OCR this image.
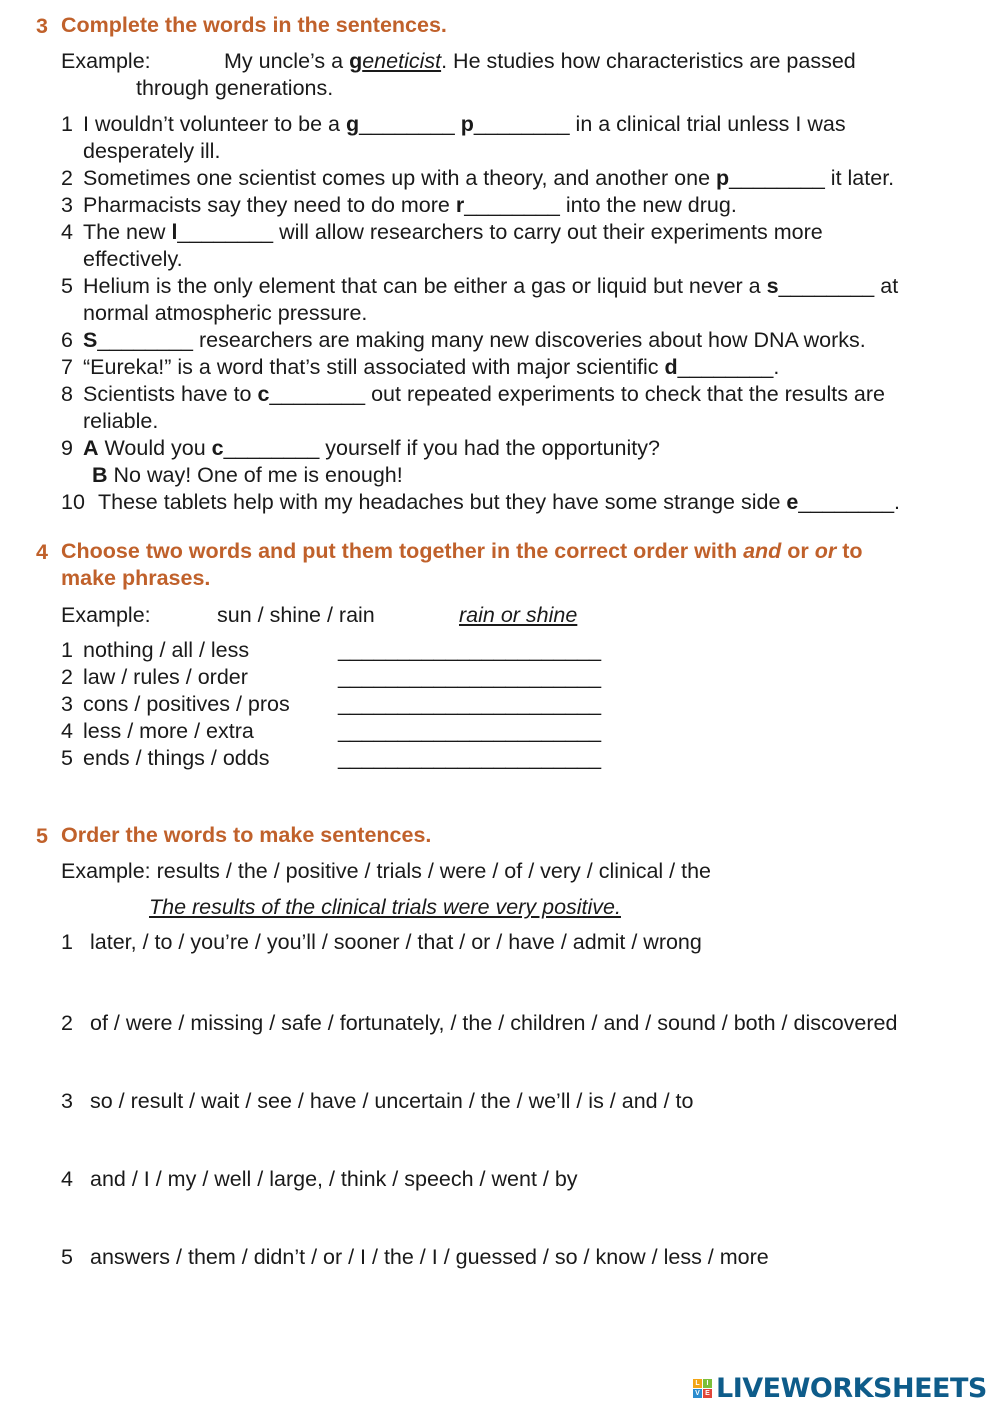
3 Complete the words in the sentences.
Example:	My uncle’s a geneticist. He studies how characteristics are passed
through generations.
1 I wouldn’t volunteer to be a g________ p________ in a clinical trial unless I was
desperately ill.
2 Sometimes one scientist comes up with a theory, and another one p________ it later.
3 Pharmacists say they need to do more r________ into the new drug.
4 The new l________ will allow researchers to carry out their experiments more
effectively.
5 Helium is the only element that can be either a gas or liquid but never a s________ at
normal atmospheric pressure.
6 S________ researchers are making many new discoveries about how DNA works.
7 “Eureka!” is a word that’s still associated with major scientific d________.
8 Scientists have to c________ out repeated experiments to check that the results are
reliable.
9 A Would you c________ yourself if you had the opportunity?
B No way! One of me is enough!
10 These tablets help with my headaches but they have some strange side e________.
4 Choose two words and put them together in the correct order with and or or to
make phrases.
Example:	sun / shine / rain	rain or shine
1 nothing / all / less	______________________
2 law / rules / order	______________________
3 cons / positives / pros ______________________
4 less / more / extra	______________________
5 ends / things / odds	______________________
5 Order the words to make sentences.
Example: results / the / positive / trials / were / of / very / clinical / the
The results of the clinical trials were very positive.
1 later, / to / you’re / you’ll / sooner / that / or / have / admit / wrong
2 of / were / missing / safe / fortunately, / the / children / and / sound / both / discovered
3 so / result / wait / see / have / uncertain / the / we’ll / is / and / to
4 and / I / my / well / large, / think / speech / went / by
5 answers / them / didn’t / or / I / the / I / guessed / so / know / less / more
L I
V E LIVEWORKSHEETS
